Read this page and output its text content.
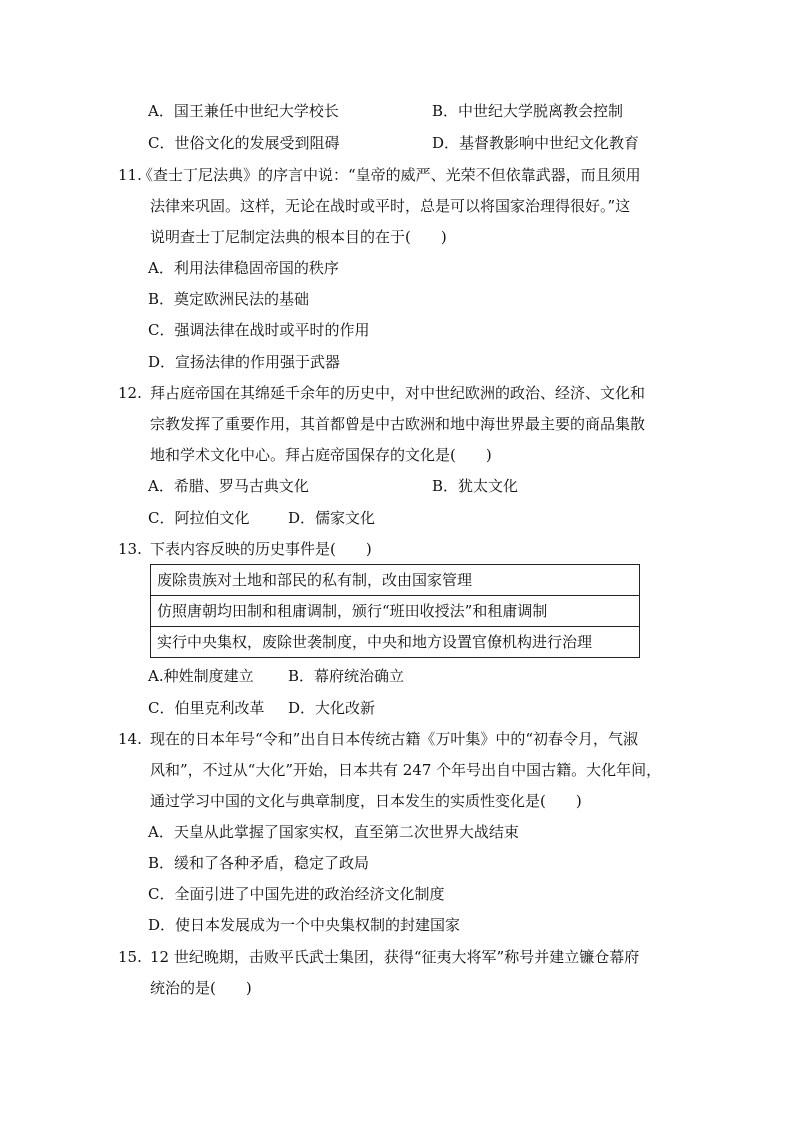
A．国王兼任中世纪大学校长	B．中世纪大学脱离教会控制
C．世俗文化的发展受到阻碍	D．基督教影响中世纪文化教育
11.
《查士丁尼法典》的序言中说：“皇帝的威严、光荣不但依靠武器，而且须用
法律来巩固。这样，无论在战时或平时，总是可以将国家治理得很好。”这
说明查士丁尼制定法典的根本目的在于(　　)
A．利用法律稳固帝国的秩序
B．奠定欧洲民法的基础
C．强调法律在战时或平时的作用
D．宣扬法律的作用强于武器
12. 拜占庭帝国在其绵延千余年的历史中，对中世纪欧洲的政治、经济、文化和
宗教发挥了重要作用，其首都曾是中古欧洲和地中海世界最主要的商品集散
地和学术文化中心。拜占庭帝国保存的文化是(　　)
A．希腊、罗马古典文化	B．犹太文化
C．阿拉伯文化	D．儒家文化
13. 下表内容反映的历史事件是(　　)
废除贵族对土地和部民的私有制，改由国家管理
仿照唐朝均田制和租庸调制，颁行“班田收授法”和租庸调制
实行中央集权，废除世袭制度，中央和地方设置官僚机构进行治理
A.种姓制度建立 B．幕府统治确立
C．伯里克利改革 D．大化改新
14. 现在的日本年号“令和”出自日本传统古籍《万叶集》中的“初春令月，气淑
风和”，不过从“大化”开始，日本共有 247 个年号出自中国古籍。大化年间，
通过学习中国的文化与典章制度，日本发生的实质性变化是(　　)
A．天皇从此掌握了国家实权，直至第二次世界大战结束
B．缓和了各种矛盾，稳定了政局
C．全面引进了中国先进的政治经济文化制度
D．使日本发展成为一个中央集权制的封建国家
15. 12 世纪晚期，击败平氏武士集团，获得“征夷大将军”称号并建立镰仓幕府
统治的是(　　)
